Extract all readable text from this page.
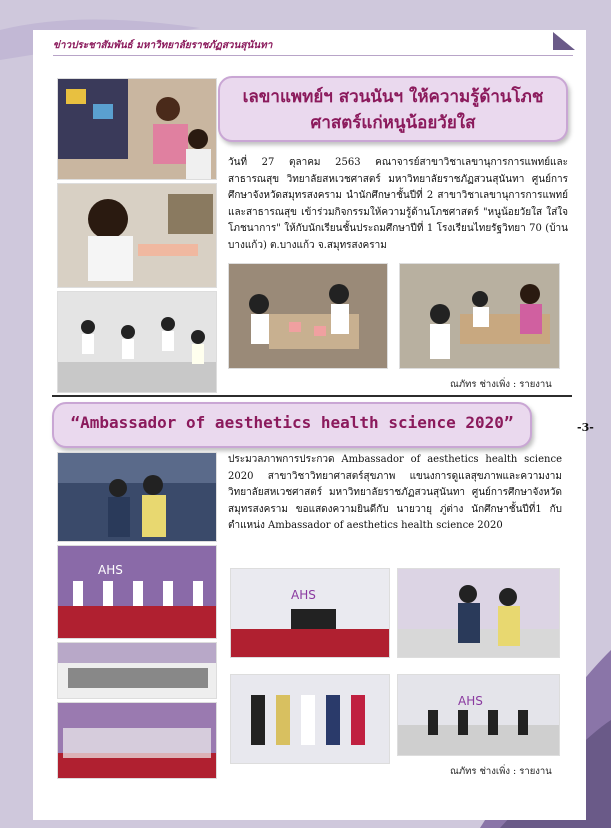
ข่าวประชาสัมพันธ์ มหาวิทยาลัยราชภัฏสวนสุนันทา
เลขาแพทย์ฯ สวนนันฯ ให้ความรู้ด้านโภชศาสตร์แก่หนูน้อยวัยใส
วันที่ 27 ตุลาคม 2563 คณาจารย์สาขาวิชาเลขานุการการแพทย์และสาธารณสุข วิทยาลัยสหเวชศาสตร์ มหาวิทยาลัยราชภัฏสวนสุนันทา ศูนย์การศึกษาจังหวัดสมุทรสงคราม นำนักศึกษาชั้นปีที่ 2 สาขาวิชาเลขานุการการแพทย์และสาธารณสุข เข้าร่วมกิจกรรมให้ความรู้ด้านโภชศาสตร์ "หนูน้อยวัยใส ใส่ใจโภชนาการ" ให้กับนักเรียนชั้นประถมศึกษาปีที่ 1 โรงเรียนไทยรัฐวิทยา 70 (บ้านบางแก้ว) ต.บางแก้ว จ.สมุทรสงคราม
ณภัทร ช่างเพิ่ง : รายงาน
“Ambassador of aesthetics health science 2020”	-3-
AHS
ประมวลภาพการประกวด Ambassador of aesthetics health science 2020 สาขาวิชาวิทยาศาสตร์สุขภาพ แขนงการดูแลสุขภาพและความงาม วิทยาลัยสหเวชศาสตร์ มหาวิทยาลัยราชภัฏสวนสุนันทา ศูนย์การศึกษาจังหวัดสมุทรสงคราม ขอแสดงความยินดีกับ นายวายุ ภู่ต่าง นักศึกษาชั้นปีที่1 กับตำแหน่ง Ambassador of aesthetics health science 2020
AHS
AHS
ณภัทร ช่างเพิ่ง : รายงาน
